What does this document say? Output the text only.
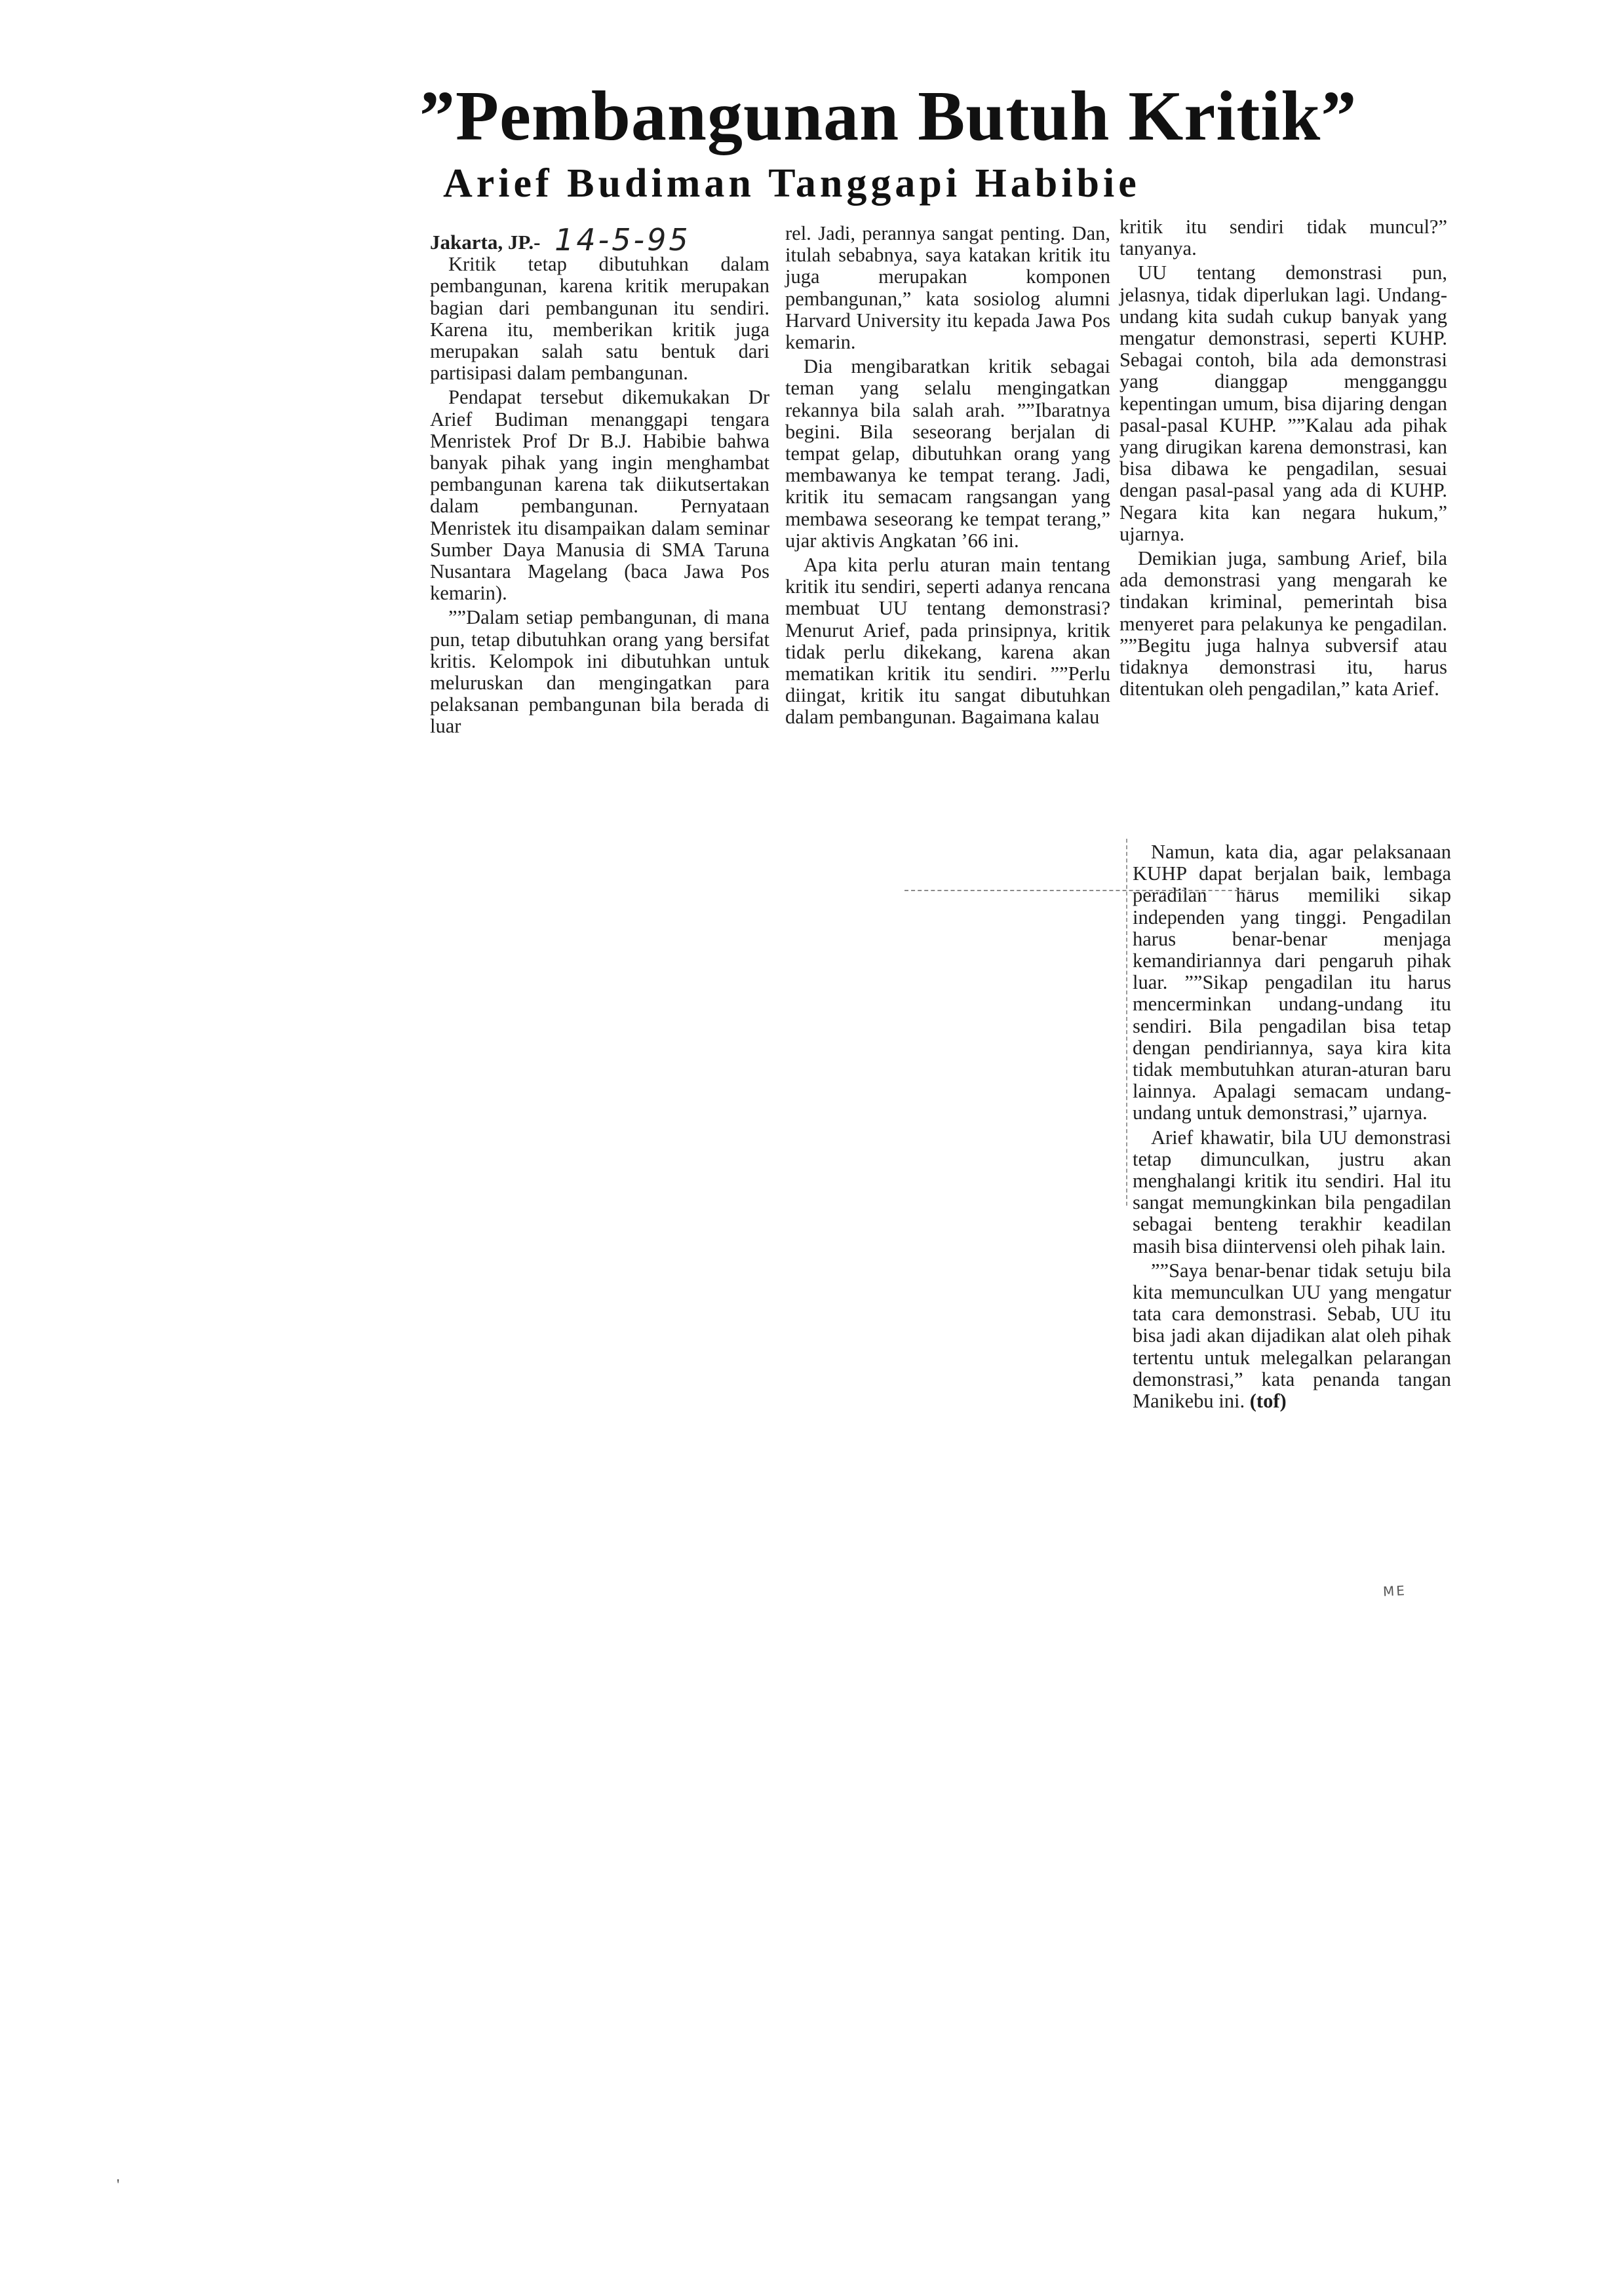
”Pembangunan Butuh Kritik”
Arief Budiman Tanggapi Habibie
Jakarta, JP.- 14-5-95

Kritik tetap dibutuhkan dalam pembangunan, karena kritik merupakan bagian dari pembangunan itu sendiri. Karena itu, memberikan kritik juga merupakan salah satu bentuk dari partisipasi dalam pembangunan.

Pendapat tersebut dikemukakan Dr Arief Budiman menanggapi tengara Menristek Prof Dr B.J. Habibie bahwa banyak pihak yang ingin menghambat pembangunan karena tak diikutsertakan dalam pembangunan. Pernyataan Menristek itu disampaikan dalam seminar Sumber Daya Manusia di SMA Taruna Nusantara Magelang (baca Jawa Pos kemarin).

””Dalam setiap pembangunan, di mana pun, tetap dibutuhkan orang yang bersifat kritis. Kelompok ini dibutuhkan untuk meluruskan dan mengingatkan para pelaksanan pembangunan bila berada di luar

rel. Jadi, perannya sangat penting. Dan, itulah sebabnya, saya katakan kritik itu juga merupakan komponen pembangunan,” kata sosiolog alumni Harvard University itu kepada Jawa Pos kemarin.

Dia mengibaratkan kritik sebagai teman yang selalu mengingatkan rekannya bila salah arah. ””Ibaratnya begini. Bila seseorang berjalan di tempat gelap, dibutuhkan orang yang membawanya ke tempat terang. Jadi, kritik itu semacam rangsangan yang membawa seseorang ke tempat terang,” ujar aktivis Angkatan ’66 ini.

Apa kita perlu aturan main tentang kritik itu sendiri, seperti adanya rencana membuat UU tentang demonstrasi? Menurut Arief, pada prinsipnya, kritik tidak perlu dikekang, karena akan mematikan kritik itu sendiri. ””Perlu diingat, kritik itu sangat dibutuhkan dalam pembangunan. Bagaimana kalau

kritik itu sendiri tidak muncul?” tanyanya.

UU tentang demonstrasi pun, jelasnya, tidak diperlukan lagi. Undang-undang kita sudah cukup banyak yang mengatur demonstrasi, seperti KUHP. Sebagai contoh, bila ada demonstrasi yang dianggap mengganggu kepentingan umum, bisa dijaring dengan pasal-pasal KUHP. ””Kalau ada pihak yang dirugikan karena demonstrasi, kan bisa dibawa ke pengadilan, sesuai dengan pasal-pasal yang ada di KUHP. Negara kita kan negara hukum,” ujarnya.

Demikian juga, sambung Arief, bila ada demonstrasi yang mengarah ke tindakan kriminal, pemerintah bisa menyeret para pelakunya ke pengadilan. ””Begitu juga halnya subversif atau tidaknya demonstrasi itu, harus ditentukan oleh pengadilan,” kata Arief.

Namun, kata dia, agar pelaksanaan KUHP dapat berjalan baik, lembaga peradilan harus memiliki sikap independen yang tinggi. Pengadilan harus benar-benar menjaga kemandiriannya dari pengaruh pihak luar. ””Sikap pengadilan itu harus mencerminkan undang-undang itu sendiri. Bila pengadilan bisa tetap dengan pendiriannya, saya kira kita tidak membutuhkan aturan-aturan baru lainnya. Apalagi semacam undang-undang untuk demonstrasi,” ujarnya.

Arief khawatir, bila UU demonstrasi tetap dimunculkan, justru akan menghalangi kritik itu sendiri. Hal itu sangat memungkinkan bila pengadilan sebagai benteng terakhir keadilan masih bisa diintervensi oleh pihak lain.

””Saya benar-benar tidak setuju bila kita memunculkan UU yang mengatur tata cara demonstrasi. Sebab, UU itu bisa jadi akan dijadikan alat oleh pihak tertentu untuk melegalkan pelarangan demonstrasi,” kata penanda tangan Manikebu ini. (tof)

ME
'
